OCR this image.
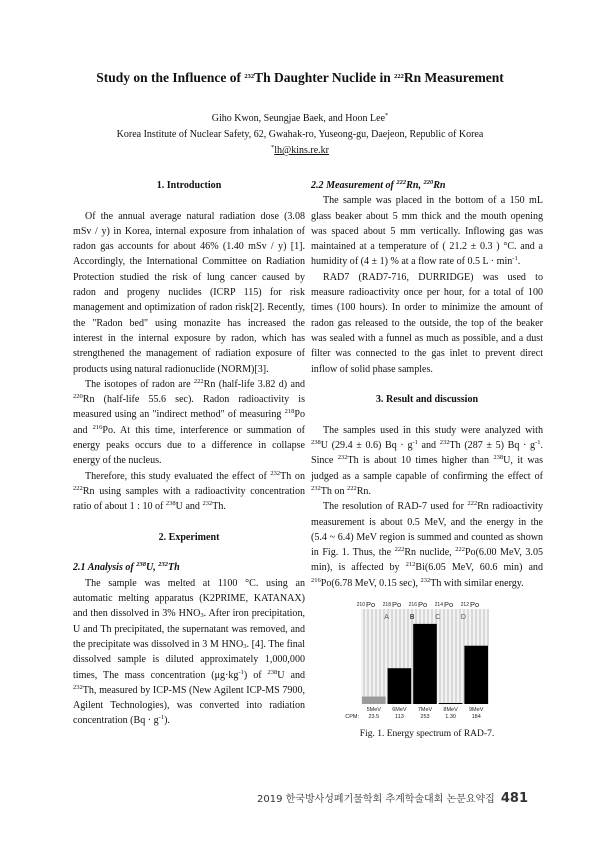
Study on the Influence of $^{232}$Th Daughter Nuclide in $^{222}$Rn Measurement
Giho Kwon, Seungjae Baek, and Hoon Lee*
Korea Institute of Nuclear Safety, 62, Gwahak-ro, Yuseong-gu, Daejeon, Republic of Korea
*lh@kins.re.kr
1. Introduction

Of the annual average natural radiation dose (3.08 mSv / y) in Korea, internal exposure from inhalation of radon gas accounts for about 46% (1.40 mSv / y) [1]. Accordingly, the International Committee on Radiation Protection studied the risk of lung cancer caused by radon and progeny nuclides (ICRP 115) for risk management and optimization of radon risk[2]. Recently, the "Radon bed" using monazite has increased the interest in the internal exposure by radon, which has strengthened the management of radiation exposure of products using natural radionuclide (NORM)[3].

The isotopes of radon are $^{222}$Rn (half-life 3.82 d) and $^{220}$Rn (half-life 55.6 sec). Radon radioactivity is measured using an "indirect method" of measuring $^{218}$Po and $^{216}$Po. At this time, interference or summation of energy peaks occurs due to a difference in collapse energy of the nucleus.

Therefore, this study evaluated the effect of $^{232}$Th on $^{222}$Rn using samples with a radioactivity concentration ratio of about 1 : 10 of $^{238}$U and $^{232}$Th.

2. Experiment
2.1 Analysis of $^{238}$U, $^{232}$Th

The sample was melted at 1100 °C. using an automatic melting apparatus (K2PRIME, KATANAX) and then dissolved in 3% $HNO_3$. After iron precipitation, U and Th precipitated, the supernatant was removed, and the precipitate was dissolved in 3 M $HNO_3$. [4]. The final dissolved sample is diluted approximately 1,000,000 times, The mass concentration $(\mu g\cdot kg^{-1})$ of $^{238}$U and $^{232}$Th, measured by ICP-MS (New Agilent ICP-MS 7900, Agilent Technologies), was converted into radiation concentration $(Bq \cdot g^{-1})$.

2.2 Measurement of $^{222}$Rn, $^{220}$Rn

The sample was placed in the bottom of a 150 mL glass beaker about 5 mm thick and the mouth opening was spaced about 5 mm vertically. Inflowing gas was maintained at a temperature of ( 21.2 ± 0.3 ) °C. and a humidity of (4 ± 1) % at a flow rate of 0.5 $L \cdot \min^{-1}$.

RAD7 (RAD7-716, DURRIDGE) was used to measure radioactivity once per hour, for a total of 100 times (100 hours). In order to minimize the amount of radon gas released to the outside, the top of the beaker was sealed with a funnel as much as possible, and a dust filter was connected to the gas inlet to prevent direct inflow of solid phase samples.

3. Result and discussion

The samples used in this study were analyzed with $^{238}$U (29.4 ± 0.6) $Bq \cdot g^{-1}$ and $^{232}$Th (287 ± 5) $Bq \cdot g^{-1}$. Since $^{232}$Th is about 10 times higher than $^{238}$U, it was judged as a sample capable of confirming the effect of $^{232}$Th on $^{222}$Rn.

The resolution of RAD-7 used for $^{222}$Rn radioactivity measurement is about 0.5 MeV, and the energy in the (5.4 ~ 6.4) MeV region is summed and counted as shown in Fig. 1. Thus, the $^{222}$Rn nuclide, $^{222}$Po(6.00 MeV, 3.05 min), is affected by $^{212}$Bi(6.05 MeV, 60.6 min) and $^{216}$Po(6.78 MeV, 0.15 sec), $^{232}$Th with similar energy.

210 Po 218 Po 216 Po 214 Po 212 Po
A	B	C	D
5MeV 6MeV 7MeV 8MeV 9MeV
CPM: 23.5	113	253	1.30	184
Fig. 1. Energy spectrum of RAD-7.
2019 한국방사성폐기물학회 추계학술대회 논문요약집 481
